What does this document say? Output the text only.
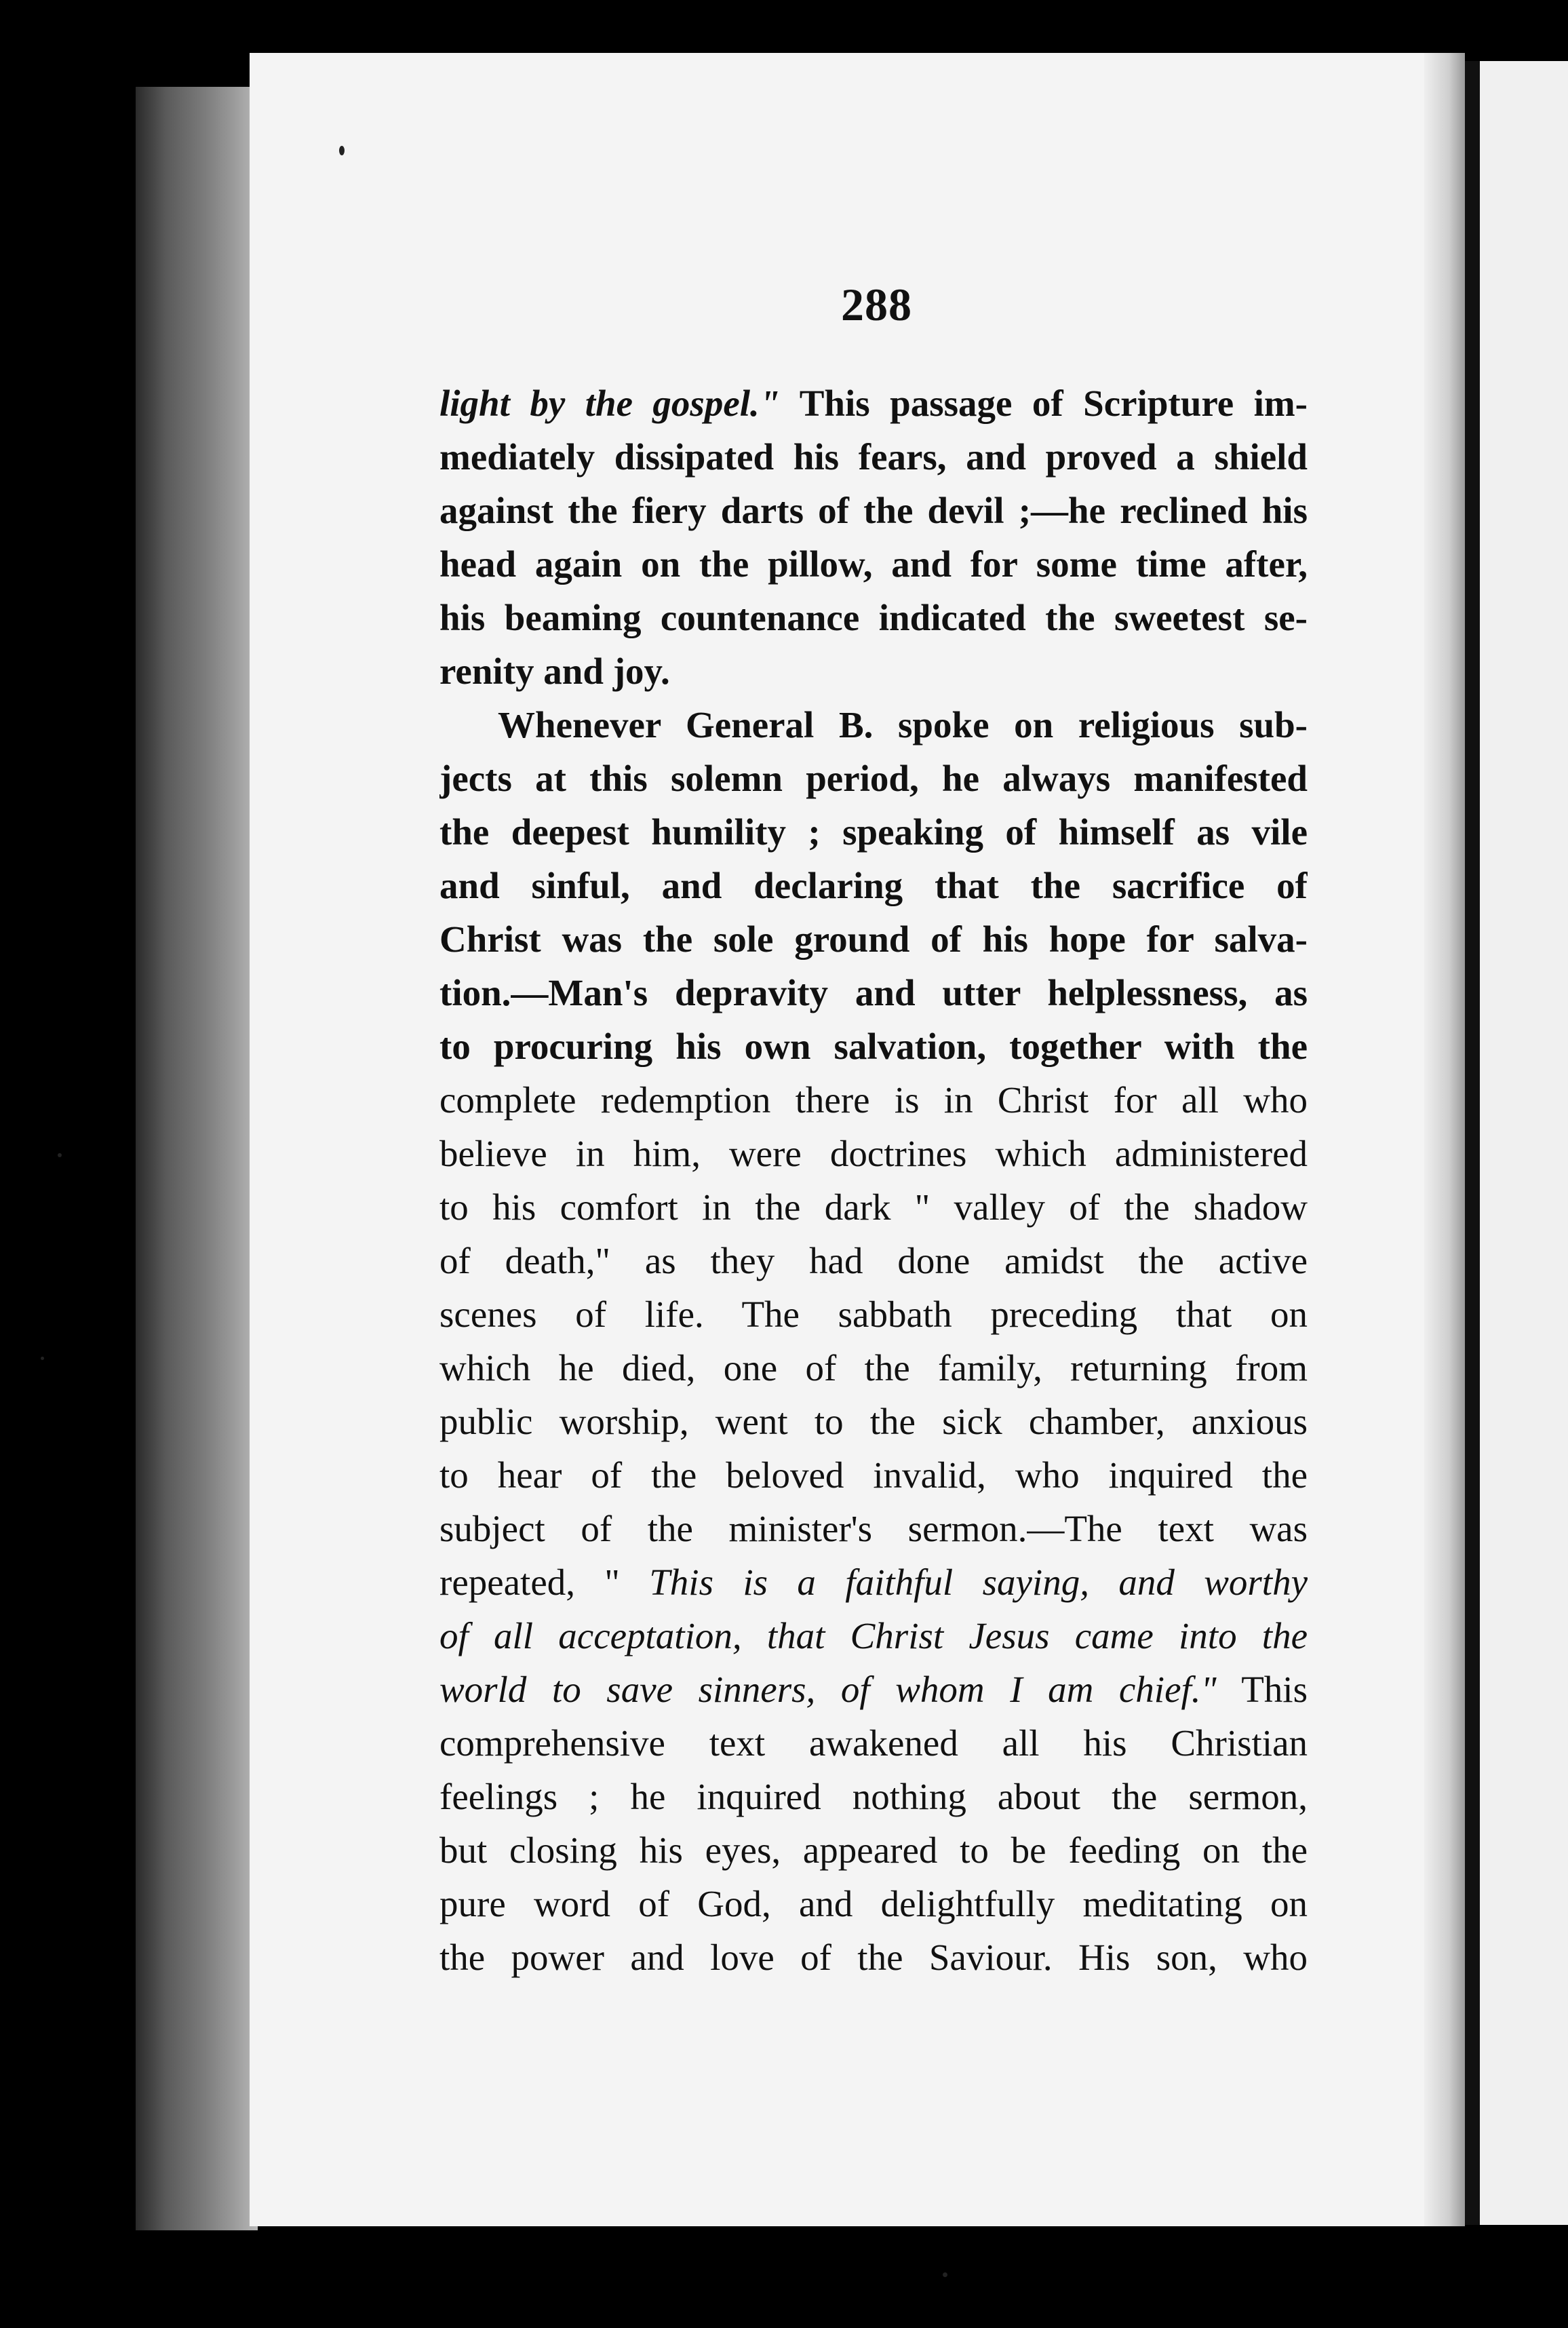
288
light by the gospel." This passage of Scripture im-
mediately dissipated his fears, and proved a shield
against the fiery darts of the devil ;—he reclined his
head again on the pillow, and for some time after,
his beaming countenance indicated the sweetest se-
renity and joy.
Whenever General B. spoke on religious sub-
jects at this solemn period, he always manifested
the deepest humility ; speaking of himself as vile
and sinful, and declaring that the sacrifice of
Christ was the sole ground of his hope for salva-
tion.—Man's depravity and utter helplessness, as
to procuring his own salvation, together with the
complete redemption there is in Christ for all who
believe in him, were doctrines which administered
to his comfort in the dark " valley of the shadow
of death," as they had done amidst the active
scenes of life. The sabbath preceding that on
which he died, one of the family, returning from
public worship, went to the sick chamber, anxious
to hear of the beloved invalid, who inquired the
subject of the minister's sermon.—The text was
repeated, " This is a faithful saying, and worthy
of all acceptation, that Christ Jesus came into the
world to save sinners, of whom I am chief." This
comprehensive text awakened all his Christian
feelings ; he inquired nothing about the sermon,
but closing his eyes, appeared to be feeding on the
pure word of God, and delightfully meditating on
the power and love of the Saviour. His son, who
